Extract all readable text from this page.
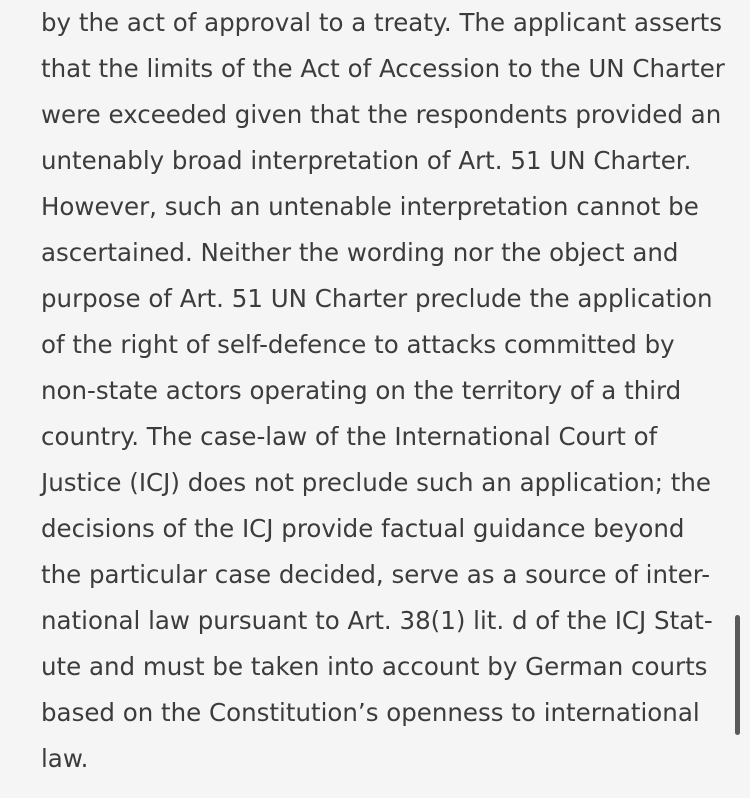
by the act of approval to a treaty. The applicant asserts
that the limits of the Act of Accession to the UN Charter
were exceeded given that the respondents provided an
untenably broad interpretation of Art. 51 UN Charter.
However, such an untenable interpretation cannot be
ascertained. Neither the wording nor the object and
purpose of Art. 51 UN Charter preclude the application
of the right of self-defence to attacks committed by
non-state actors operating on the territory of a third
country. The case-law of the International Court of
Justice (ICJ) does not preclude such an application; the
decisions of the ICJ provide factual guidance beyond
the particular case decided, serve as a source of inter-
national law pursuant to Art. 38(1) lit. d of the ICJ Stat-
ute and must be taken into account by German courts
based on the Constitution’s openness to international
law.
